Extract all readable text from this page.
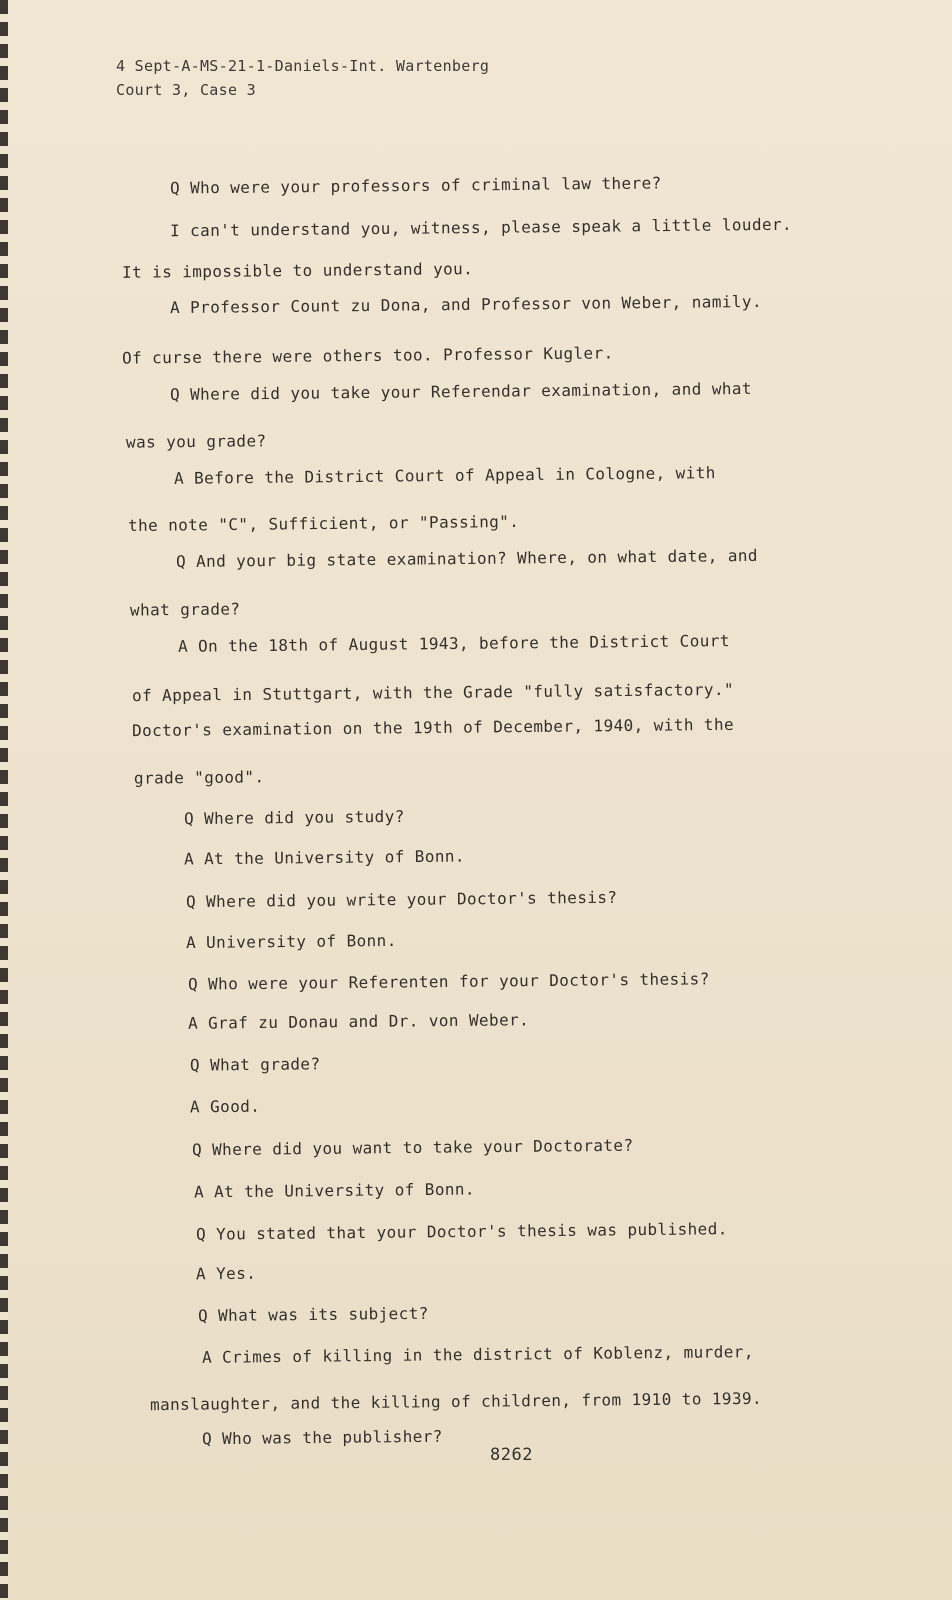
4 Sept-A-MS-21-1-Daniels-Int. Wartenberg
Court 3, Case 3
Q Who were your professors of criminal law there?
I can't understand you, witness, please speak a little louder.
It is impossible to understand you.
A Professor Count zu Dona, and Professor von Weber, namily.
Of curse there were others too. Professor Kugler.
Q Where did you take your Referendar examination, and what
was you grade?
A Before the District Court of Appeal in Cologne, with
the note "C", Sufficient, or "Passing".
Q And your big state examination? Where, on what date, and
what grade?
A On the 18th of August 1943, before the District Court
of Appeal in Stuttgart, with the Grade "fully satisfactory."
Doctor's examination on the 19th of December, 1940, with the
grade "good".
Q Where did you study?
A At the University of Bonn.
Q Where did you write your Doctor's thesis?
A University of Bonn.
Q Who were your Referenten for your Doctor's thesis?
A Graf zu Donau and Dr. von Weber.
Q What grade?
A Good.
Q Where did you want to take your Doctorate?
A At the University of Bonn.
Q You stated that your Doctor's thesis was published.
A Yes.
Q What was its subject?
A Crimes of killing in the district of Koblenz, murder,
manslaughter, and the killing of children, from 1910 to 1939.
Q Who was the publisher?
8262
